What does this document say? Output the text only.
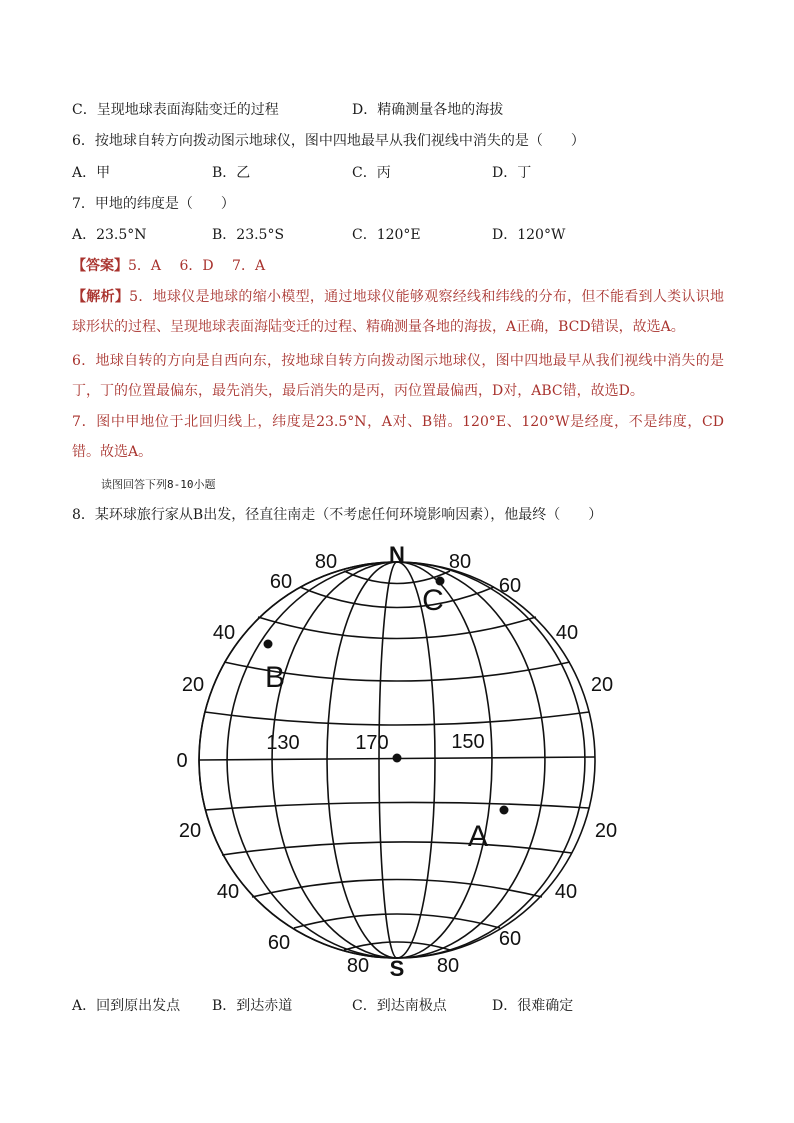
C．呈现地球表面海陆变迁的过程	D．精确测量各地的海拔
6．按地球自转方向拨动图示地球仪，图中四地最早从我们视线中消失的是（　　）
A．甲	B．乙	C．丙	D．丁
7．甲地的纬度是（　　）
A．23.5°N	B．23.5°S	C．120°E	D．120°W
【答案】5．A　 6．D　 7．A
【解析】5．地球仪是地球的缩小模型，通过地球仪能够观察经线和纬线的分布，但不能看到人类认识地球形状的过程、呈现地球表面海陆变迁的过程、精确测量各地的海拔，A正确，BCD错误，故选A。
6．地球自转的方向是自西向东，按地球自转方向拨动图示地球仪，图中四地最早从我们视线中消失的是丁，丁的位置最偏东，最先消失，最后消失的是丙，丙位置最偏西，D对，ABC错，故选D。
7．图中甲地位于北回归线上，纬度是23.5°N，A对、B错。120°E、120°W是经度，不是纬度，CD错。故选A。
读图回答下列8-10小题
8．某环球旅行家从B出发，径直往南走（不考虑任何环境影响因素），他最终（　　）
N
S
80
60
40
20
0
20
40
60
80
80
60
40
20
20
40
60
80
130	170	150
B
C
A
A．回到原出发点 B．到达赤道	C．到达南极点	D．很难确定
